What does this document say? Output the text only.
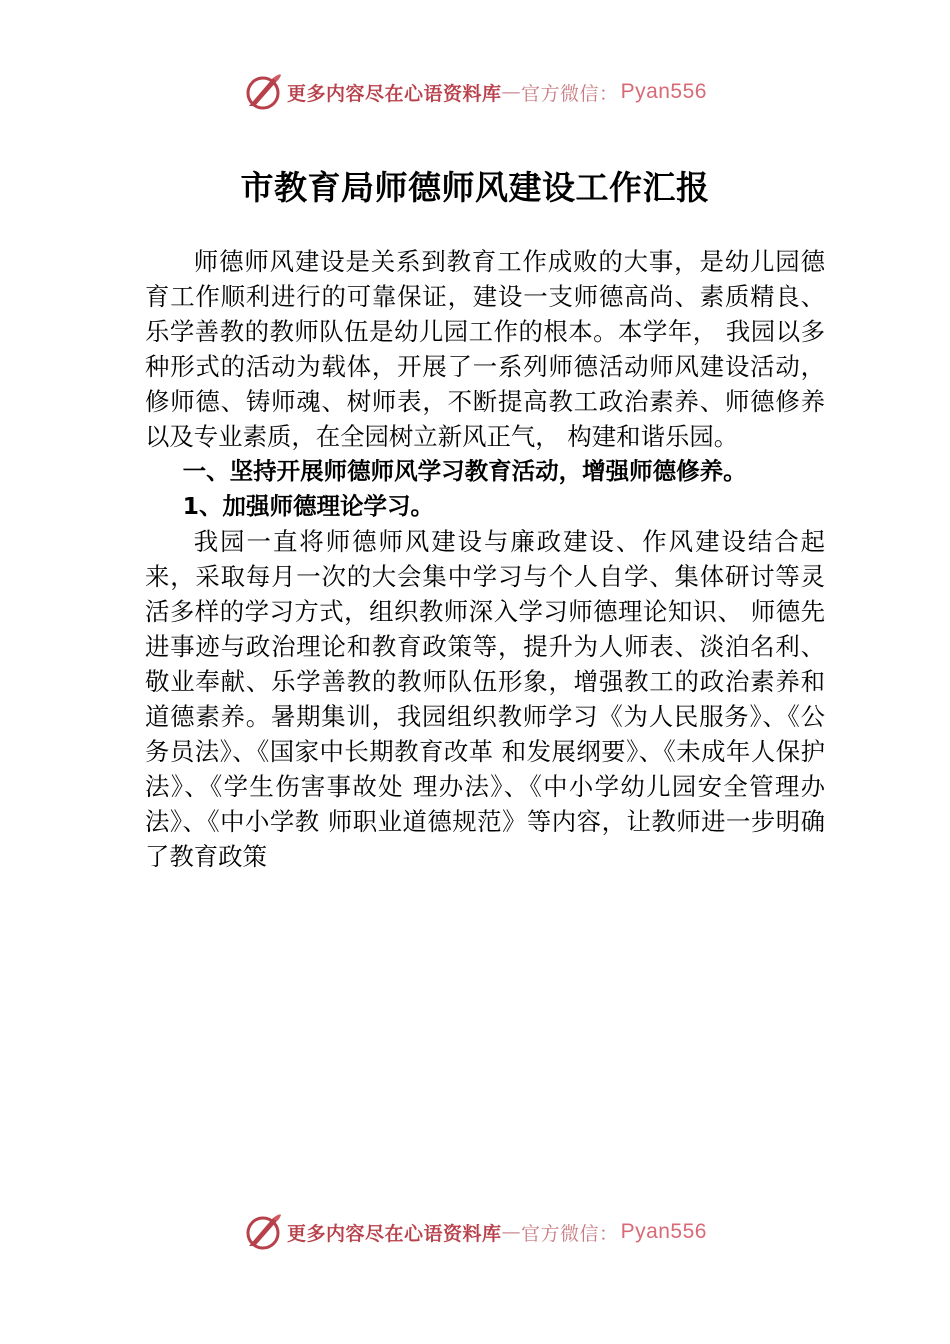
更多内容尽在心语资料库 — 官方微信： Pyan556
市教育局师德师风建设工作汇报

师德师风建设是关系到教育工作成败的大事，是幼儿园德育工作顺利进行的可靠保证，建设一支师德高尚、素质精良、乐学善教的教师队伍是幼儿园工作的根本。本学年， 我园以多种形式的活动为载体，开展了一系列师德活动师风建设活动，修师德、铸师魂、树师表，不断提高教工政治素养、师德修养以及专业素质，在全园树立新风正气， 构建和谐乐园。

一、坚持开展师德师风学习教育活动，增强师德修养。

1、加强师德理论学习。

我园一直将师德师风建设与廉政建设、作风建设结合起来，采取每月一次的大会集中学习与个人自学、集体研讨等灵活多样的学习方式，组织教师深入学习师德理论知识、 师德先进事迹与政治理论和教育政策等，提升为人师表、淡泊名利、敬业奉献、乐学善教的教师队伍形象，增强教工的政治素养和道德素养。暑期集训，我园组织教师学习《为人民服务》、《公务员法》、《国家中长期教育改革 和发展纲要》、《未成年人保护法》、《学生伤害事故处 理办法》、《中小学幼儿园安全管理办法》、《中小学教 师职业道德规范》等内容，让教师进一步明确了教育政策

更多内容尽在心语资料库 — 官方微信： Pyan556
